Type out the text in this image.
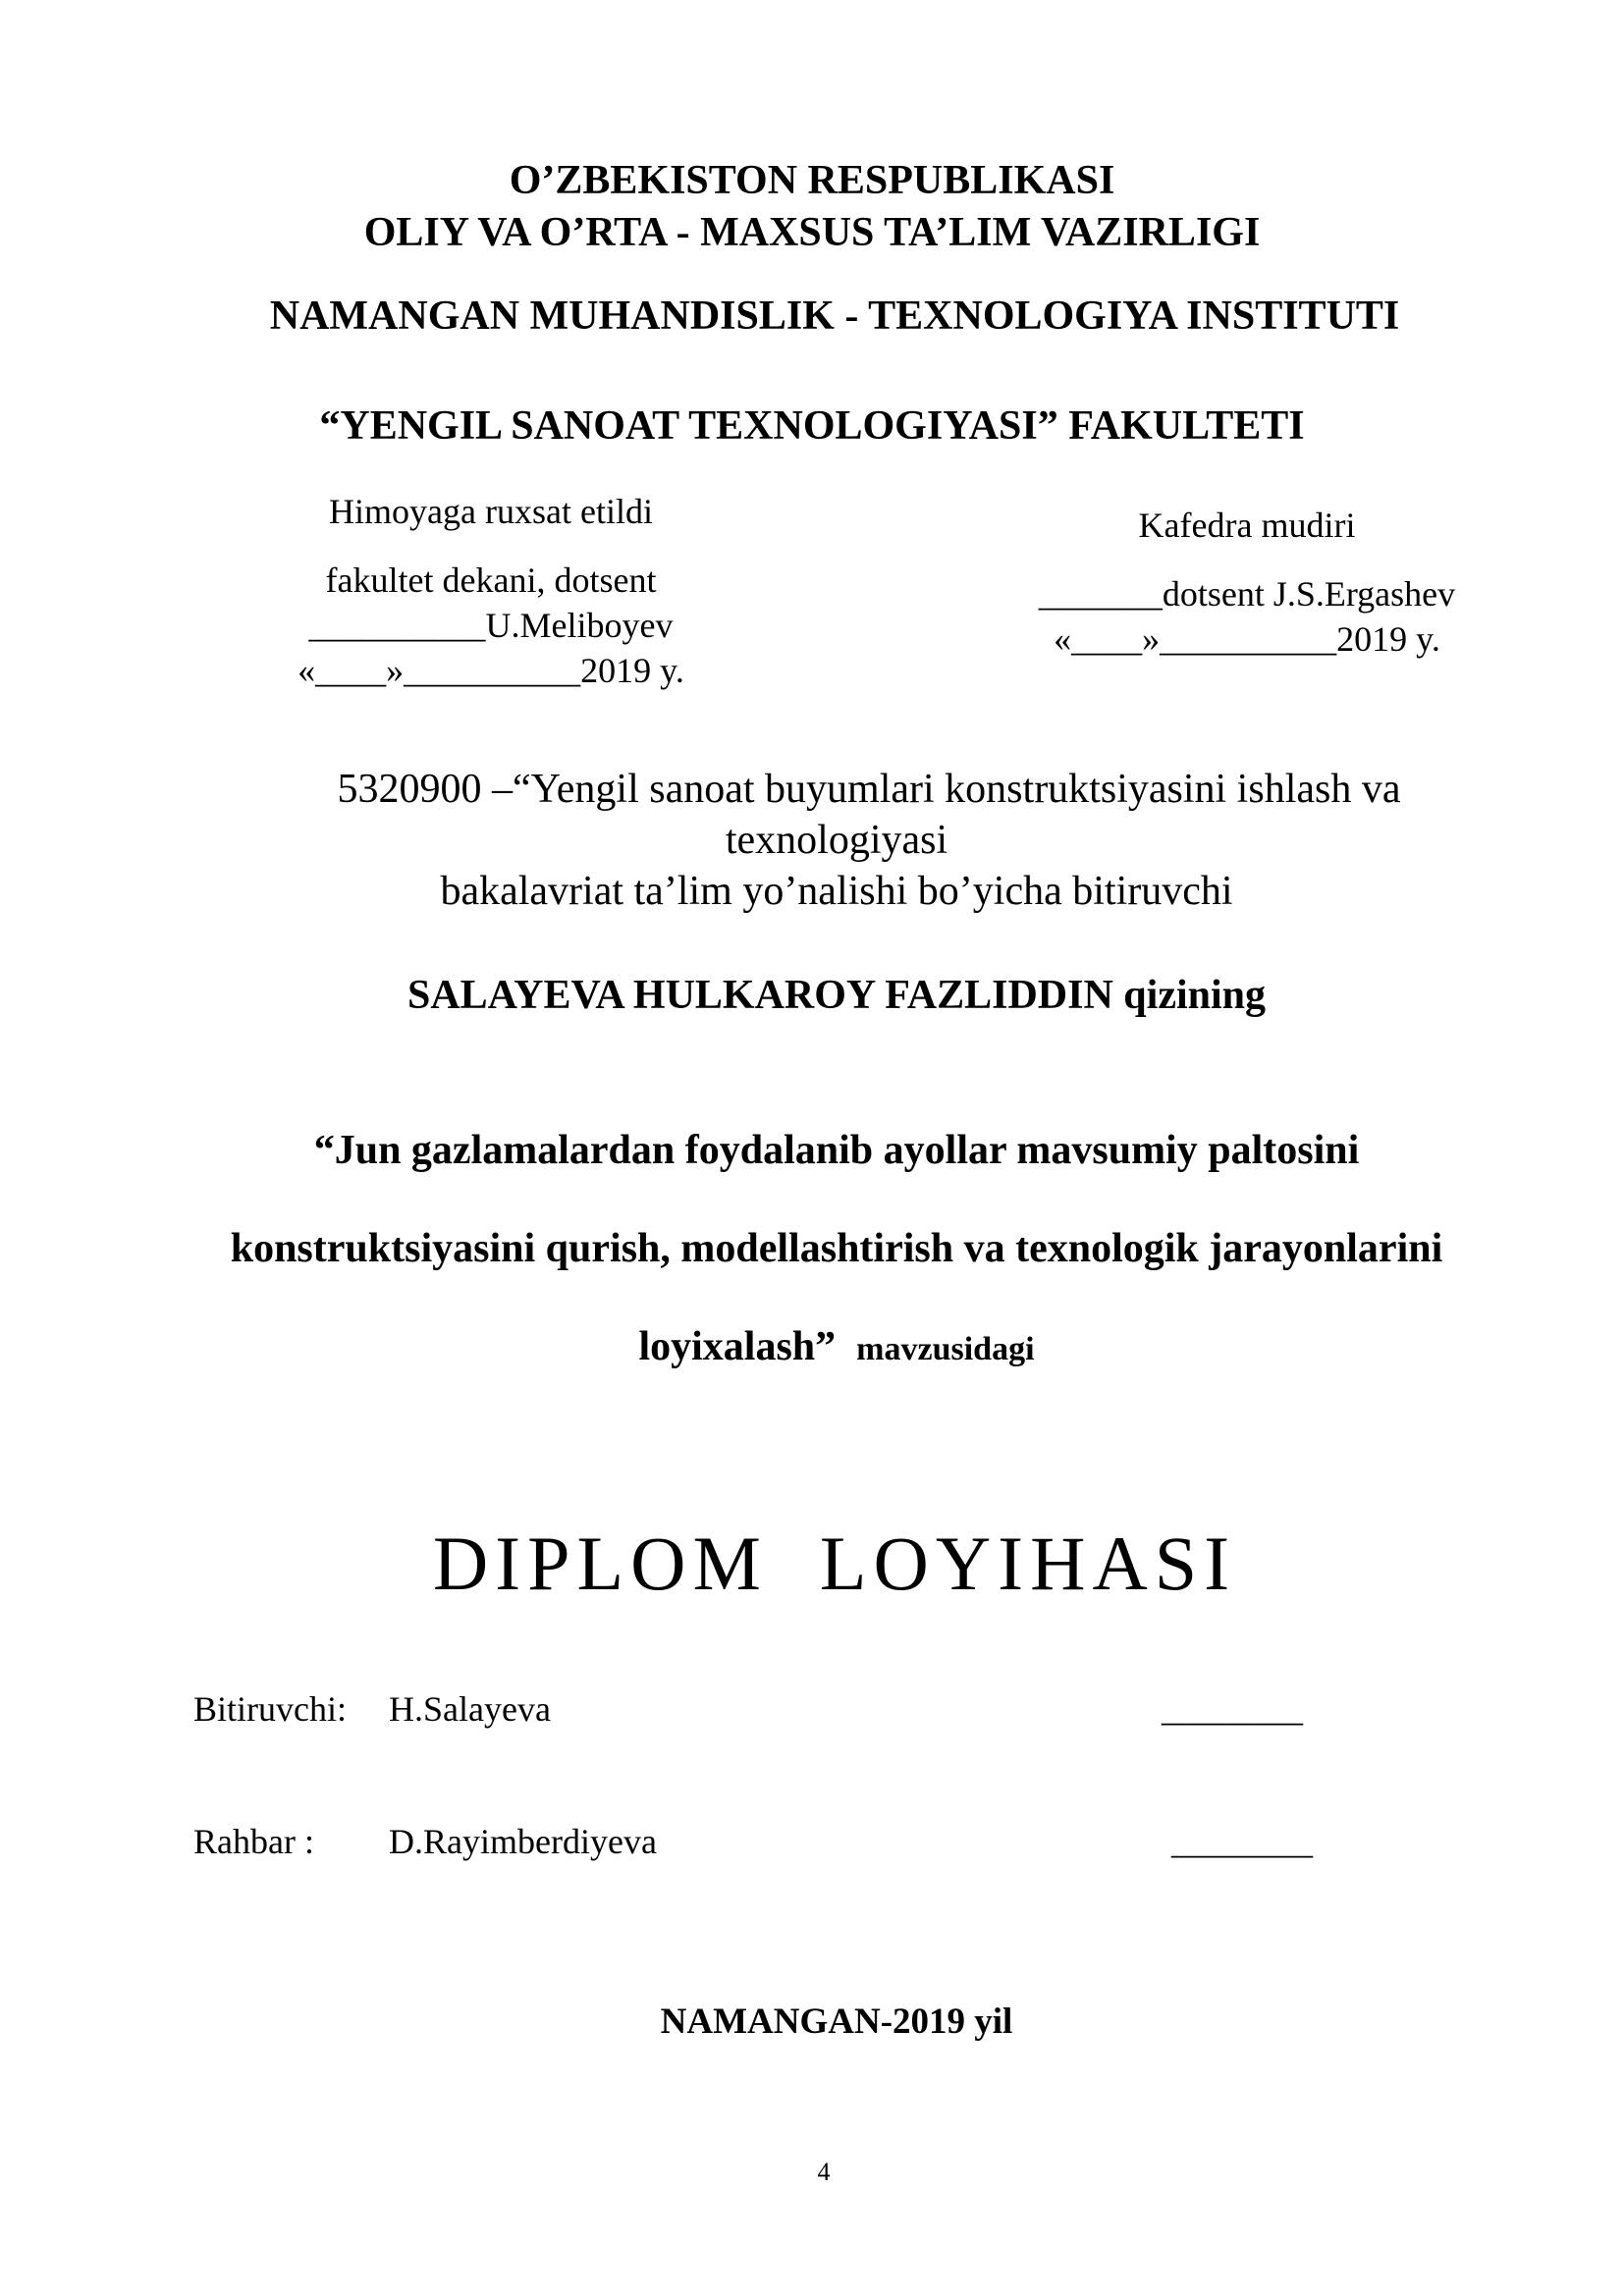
O’ZBEKISTON RESPUBLIKASI
OLIY VA O’RTA - MAXSUS TA’LIM VAZIRLIGI
NAMANGAN MUHANDISLIK - TEXNOLOGIYA INSTITUTI
“YENGIL SANOAT TEXNOLOGIYASI” FAKULTETI
Himoyaga ruxsat etildi
fakultet dekani, dotsent
__________U.Meliboyev
«____»__________2019 y.
Kafedra mudiri
_______dotsent J.S.Ergashev
«____»__________2019 y.
5320900 –“Yengil sanoat buyumlari konstruktsiyasini ishlash va
texnologiyasi
bakalavriat ta’lim yo’nalishi bo’yicha bitiruvchi
SALAYEVA HULKAROY FAZLIDDIN qizining
“Jun gazlamalardan foydalanib ayollar mavsumiy paltosini
konstruktsiyasini qurish, modellashtirish va texnologik jarayonlarini
loyixalash” mavzusidagi
DIPLOM  LOYIHASI
Bitiruvchi: H.Salayeva	________
Rahbar : D.Rayimberdiyeva	________
NAMANGAN-2019 yil
4
